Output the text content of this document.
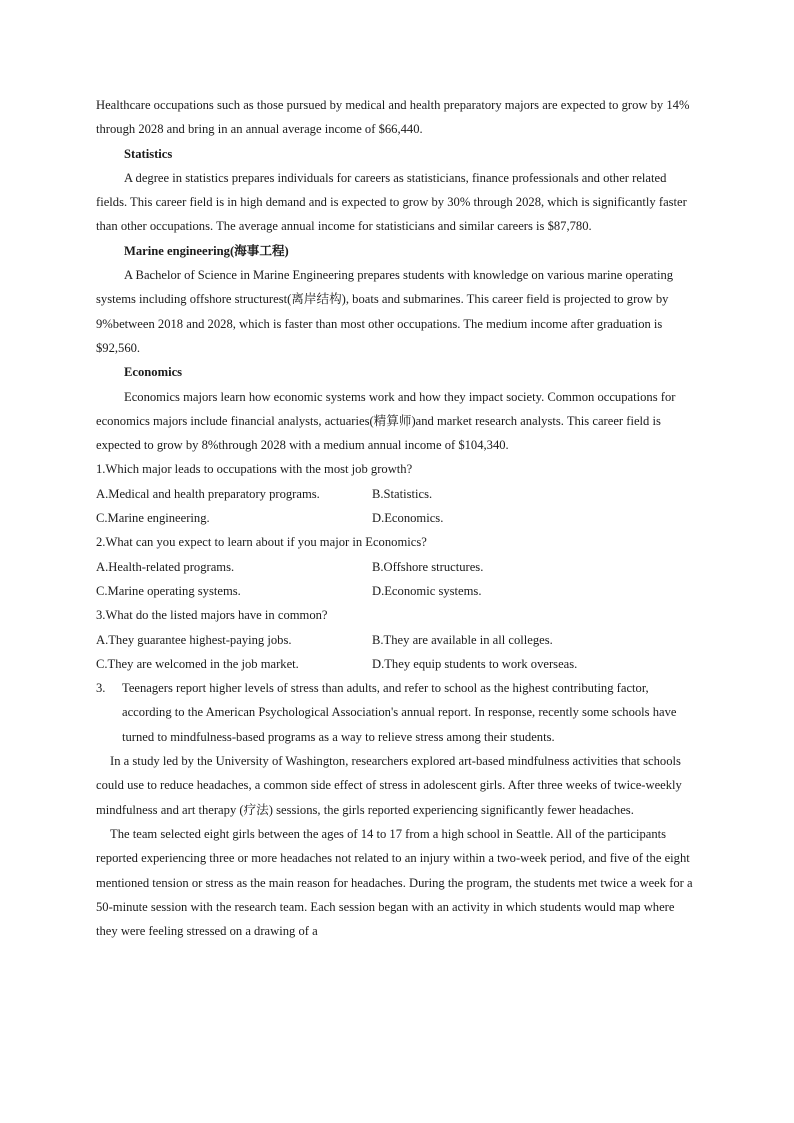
Healthcare occupations such as those pursued by medical and health preparatory majors are expected to grow by 14% through 2028 and bring in an annual average income of $66,440.

Statistics

A degree in statistics prepares individuals for careers as statisticians, finance professionals and other related fields. This career field is in high demand and is expected to grow by 30% through 2028, which is significantly faster than other occupations. The average annual income for statisticians and similar careers is $87,780.

Marine engineering(海事工程)

A Bachelor of Science in Marine Engineering prepares students with knowledge on various marine operating systems including offshore structurest(离岸结构), boats and submarines. This career field is projected to grow by 9%between 2018 and 2028, which is faster than most other occupations. The medium income after graduation is $92,560.

Economics

Economics majors learn how economic systems work and how they impact society. Common occupations for economics majors include financial analysts, actuaries(精算师)and market research analysts. This career field is expected to grow by 8%through 2028 with a medium annual income of $104,340.

1.Which major leads to occupations with the most job growth?

A.Medical and health preparatory programs.	B.Statistics.
C.Marine engineering.	D.Economics.

2.What can you expect to learn about if you major in Economics?

A.Health-related programs.	B.Offshore structures.
C.Marine operating systems.	D.Economic systems.

3.What do the listed majors have in common?

A.They guarantee highest-paying jobs.	B.They are available in all colleges.
C.They are welcomed in the job market.	D.They equip students to work overseas.
3.	Teenagers report higher levels of stress than adults, and refer to school as the highest contributing factor, according to the American Psychological Association's annual report. In response, recently some schools have turned to mindfulness-based programs as a way to relieve stress among their students.

In a study led by the University of Washington, researchers explored art-based mindfulness activities that schools could use to reduce headaches, a common side effect of stress in adolescent girls. After three weeks of twice-weekly mindfulness and art therapy (疗法) sessions, the girls reported experiencing significantly fewer headaches.

The team selected eight girls between the ages of 14 to 17 from a high school in Seattle. All of the participants reported experiencing three or more headaches not related to an injury within a two-week period, and five of the eight mentioned tension or stress as the main reason for headaches. During the program, the students met twice a week for a 50-minute session with the research team. Each session began with an activity in which students would map where they were feeling stressed on a drawing of a
